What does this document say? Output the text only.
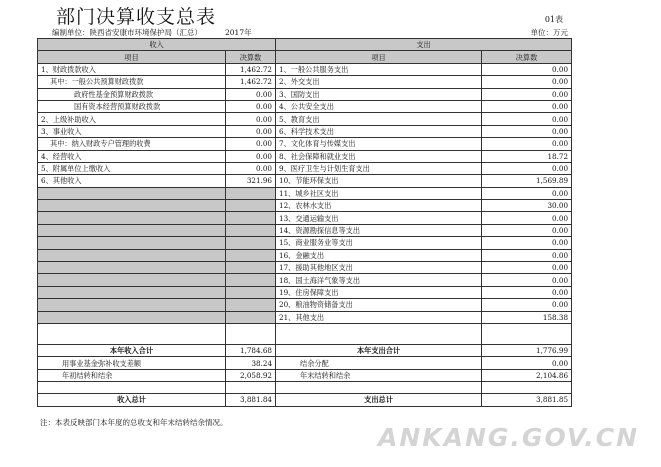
部门决算收支总表	01表
编制单位：陕西省安康市环境保护局（汇总）	2017年	单位：万元
收入		支出	
项目	决算数	项目	决算数
1、财政拨款收入	1,462.72	1、一般公共服务支出	0.00
其中：一般公共预算财政拨款	1,462.72	2、外交支出	0.00
政府性基金预算财政拨款	0.00	3、国防支出	0.00
国有资本经营预算财政拨款	0.00	4、公共安全支出	0.00
2、上级补助收入	0.00	5、教育支出	0.00
3、事业收入	0.00	6、科学技术支出	0.00
其中：纳入财政专户管理的收费	0.00	7、文化体育与传媒支出	0.00
4、经营收入	0.00	8、社会保障和就业支出	18.72
5、附属单位上缴收入	0.00	9、医疗卫生与计划生育支出	0.00
6、其他收入	321.96	10、节能环保支出	1,569.89
		11、城乡社区支出	0.00
		12、农林水支出	30.00
		13、交通运输支出	0.00
		14、资源勘探信息等支出	0.00
		15、商业服务业等支出	0.00
		16、金融支出	0.00
		17、援助其他地区支出	0.00
		18、国土海洋气象等支出	0.00
		19、住房保障支出	0.00
		20、粮油物资储备支出	0.00
		21、其他支出	158.38

本年收入合计	1,784.68	本年支出合计	1,776.99
用事业基金弥补收支差额	38.24	结余分配	0.00
年初结转和结余	2,058.92	年末结转和结余	2,104.86

收入总计	3,881.84	支出总计	3,881.85
注：本表反映部门本年度的总收支和年末结转结余情况。
ANKANG.GOV.CN
